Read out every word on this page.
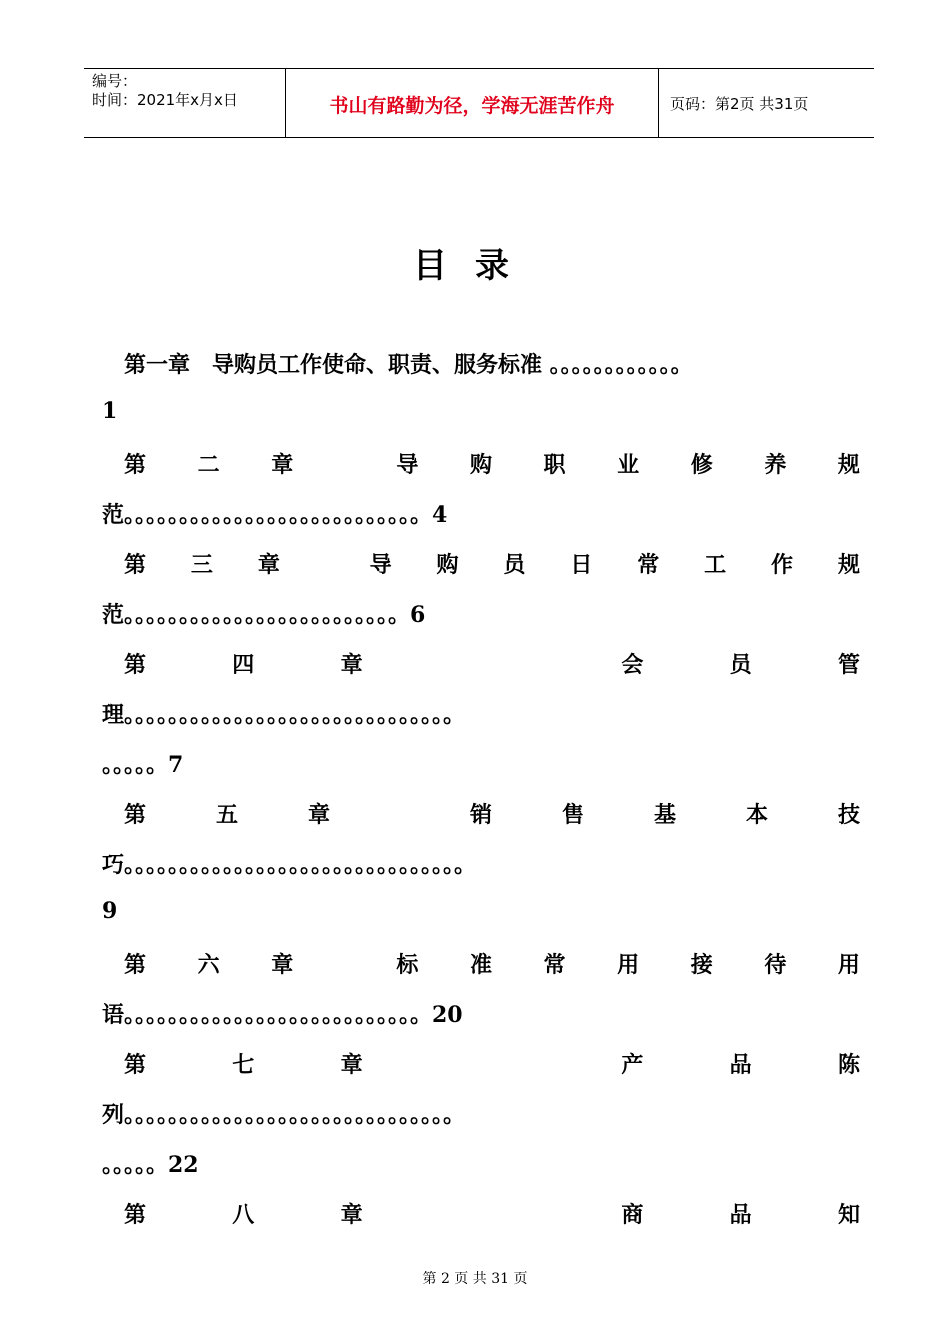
编号：
时间：2021年x月x日	书山有路勤为径，学海无涯苦作舟	页码：第2页 共31页
目录
第一章　导购员工作使命、职责、服务标准 。。。。。。。。。。。。
1
第 二 章	导 购 职 业 修 养 规
范。。。。。。。。。。。。。。。。。。。。。。。。。。。4
第 三 章	导 购 员 日 常 工 作 规
范。。。。。。。。。。。。。。。。。。。。。。。。。6
第	四	章	会	员	管
理。。。。。。。。。。。。。。。。。。。。。。。。。。。。。。
。。。。。7
第	五	章	销	售	基	本	技
巧。。。。。。。。。。。。。。。。。。。。。。。。。。。。。。。
9
第 六 章	标 准 常 用 接 待 用
语。。。。。。。。。。。。。。。。。。。。。。。。。。。20
第	七	章	产	品	陈
列。。。。。。。。。。。。。。。。。。。。。。。。。。。。。。
。。。。。22
第	八	章	商	品	知
第 2 页 共 31 页
